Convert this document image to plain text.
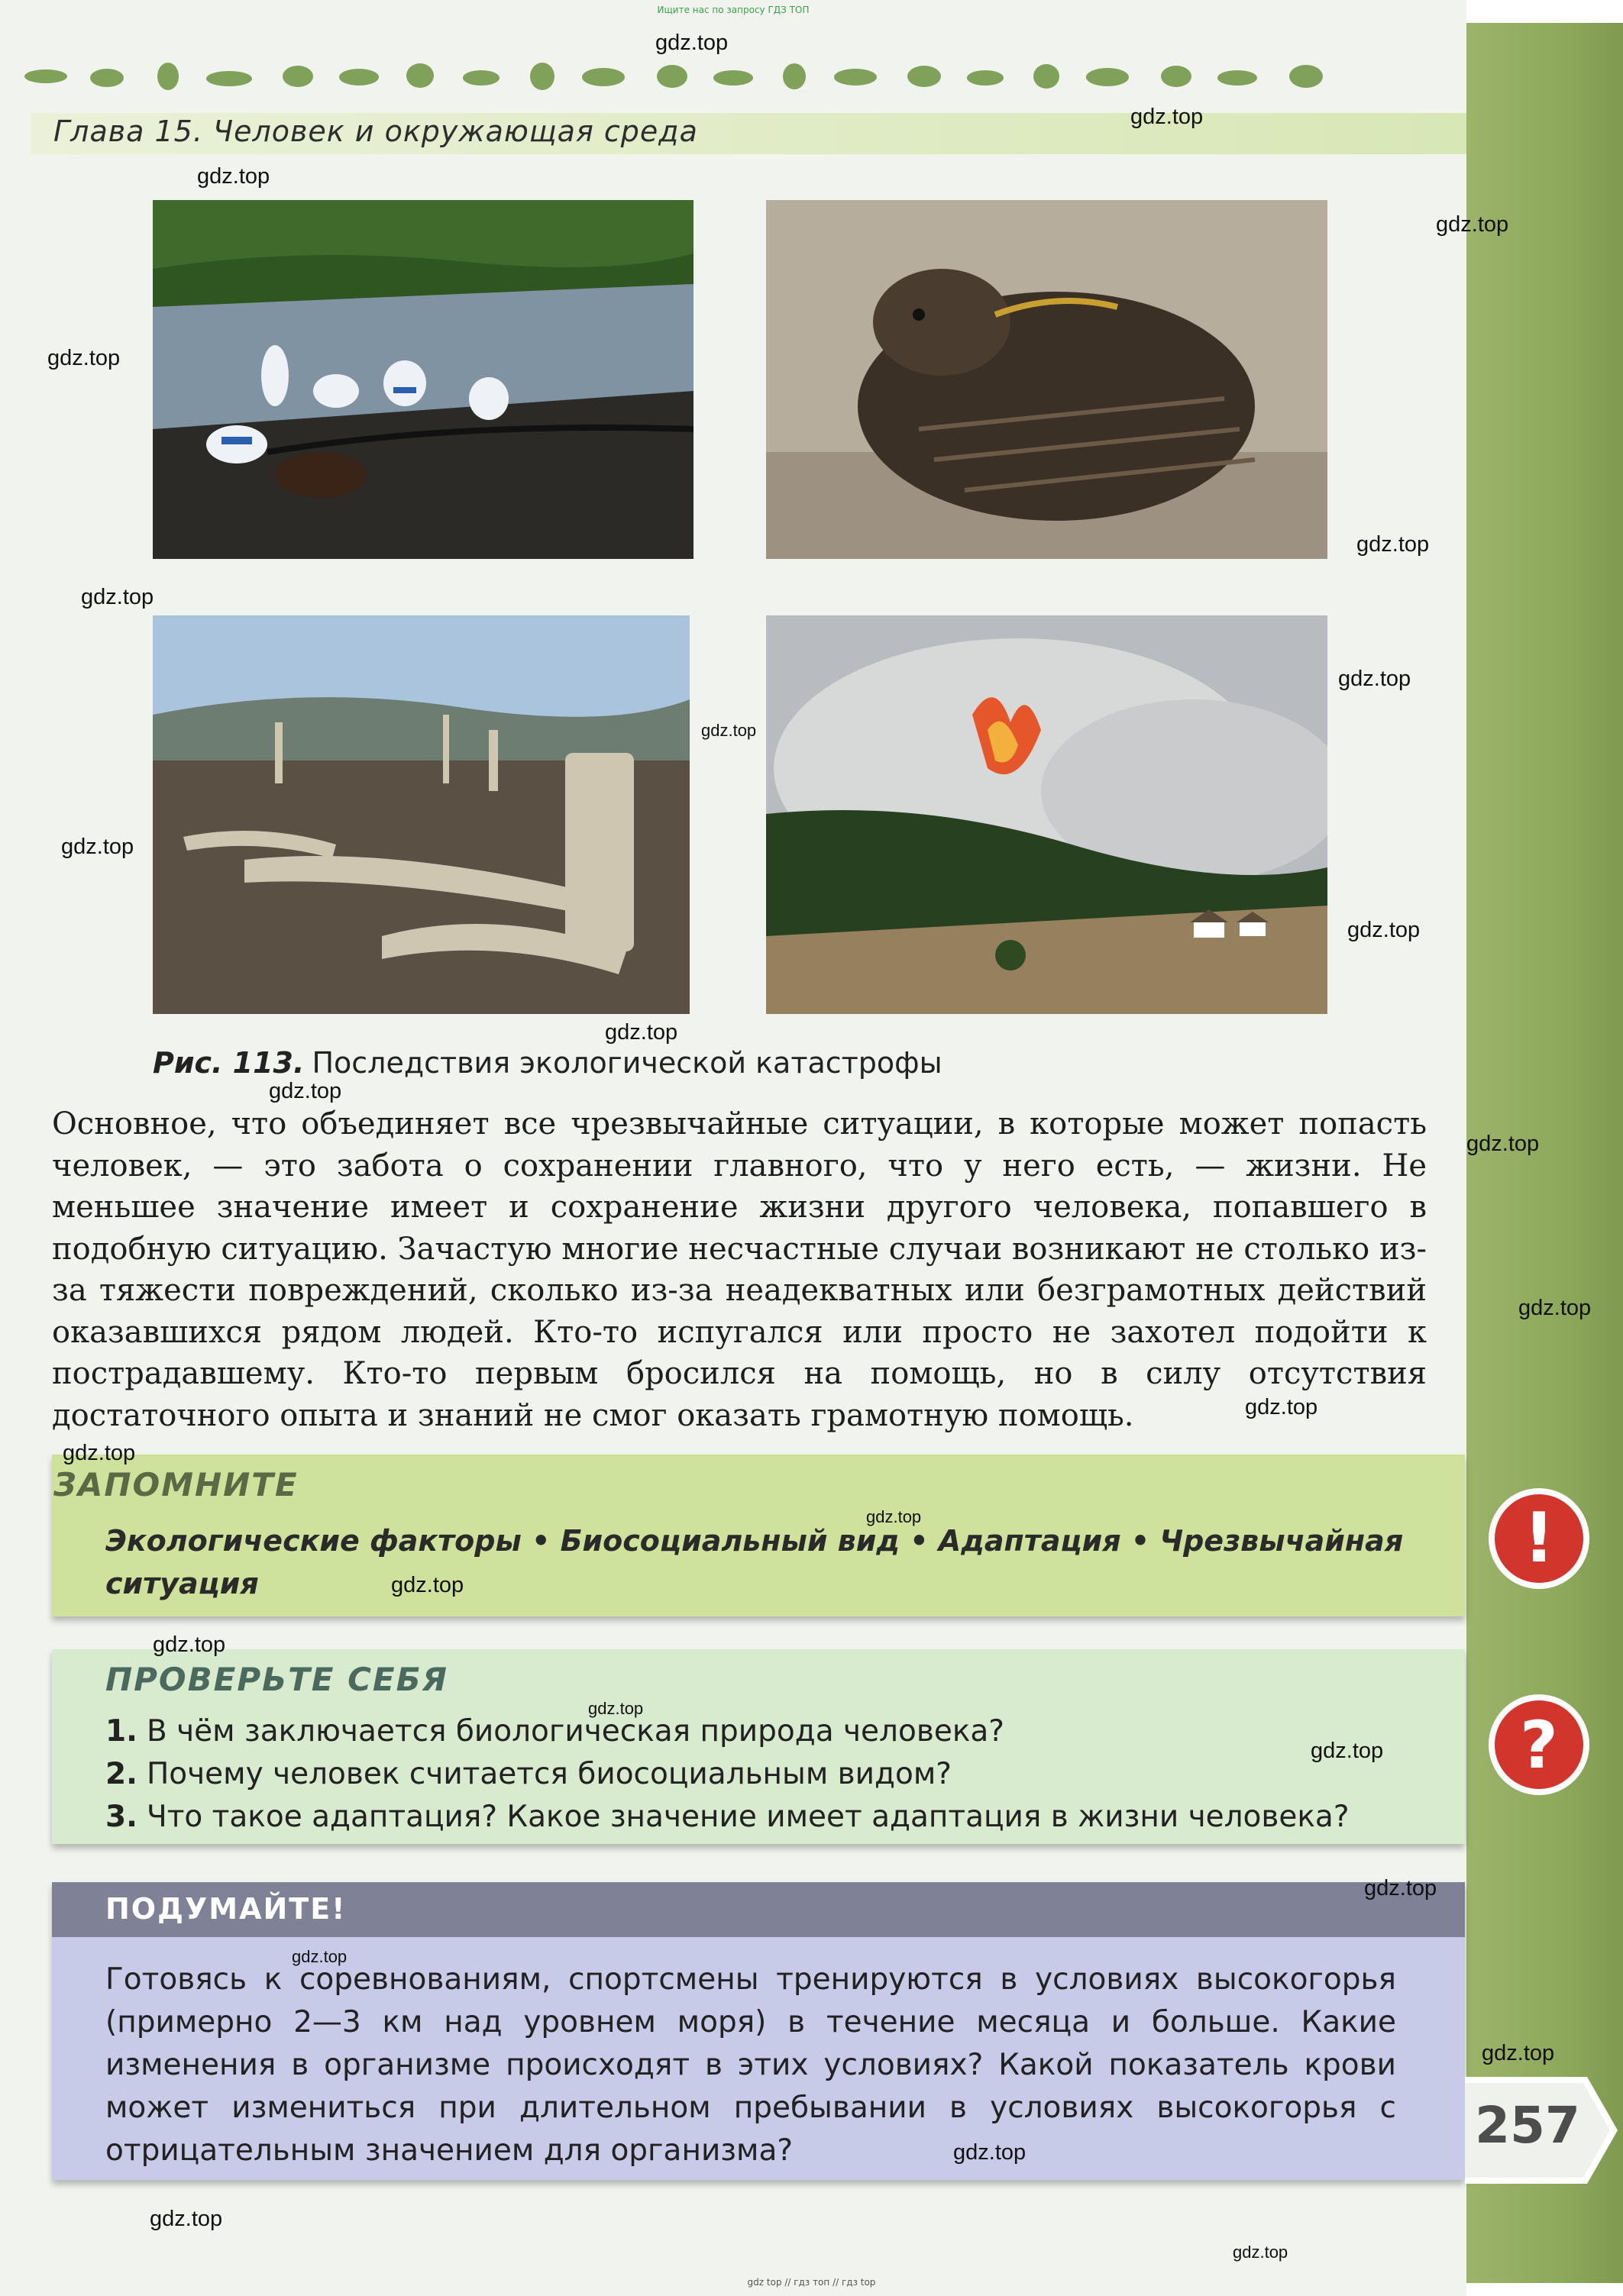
Ищите нас по запросу ГДЗ ТОП
Глава 15. Человек и окружающая среда
Рис. 113. Последствия экологической катастрофы
Основное, что объединяет все чрезвычайные ситуации, в которые может попасть человек, — это забота о сохранении главного, что у него есть, — жизни. Не меньшее значение имеет и сохранение жизни другого человека, попавшего в подобную ситуацию. Зачастую многие несчастные случаи возникают не столько из-за тяжести повреждений, сколько из-за неадекватных или безграмотных действий оказавшихся рядом людей. Кто-то испугался или просто не захотел подойти к пострадавшему. Кто-то первым бросился на помощь, но в силу отсутствия достаточного опыта и знаний не смог оказать грамотную помощь.
ЗАПОМНИТЕ
Экологические факторы • Биосоциальный вид • Адаптация • Чрезвычайная ситуация
ПРОВЕРЬТЕ СЕБЯ
1. В чём заключается биологическая природа человека?
2. Почему человек считается биосоциальным видом?
3. Что такое адаптация? Какое значение имеет адаптация в жизни человека?
ПОДУМАЙТЕ!
Готовясь к соревнованиям, спортсмены тренируются в условиях высокогорья (примерно 2—3 км над уровнем моря) в течение месяца и больше. Какие изменения в организме происходят в этих условиях? Какой показатель крови может измениться при длительном пребывании в условиях высокогорья с отрицательным значением для организма?
!
?
257
gdz.top
gdz.top
gdz.top
gdz.top
gdz.top
gdz.top
gdz.top
gdz.top
gdz.top
gdz.top
gdz.top
gdz.top
gdz.top
gdz.top
gdz.top
gdz.top
gdz.top
gdz.top
gdz.top
gdz.top
gdz.top
gdz.top
gdz.top
gdz.top
gdz.top
gdz.top
gdz.top
gdz.top
gdz top // гдз топ // гдз top
